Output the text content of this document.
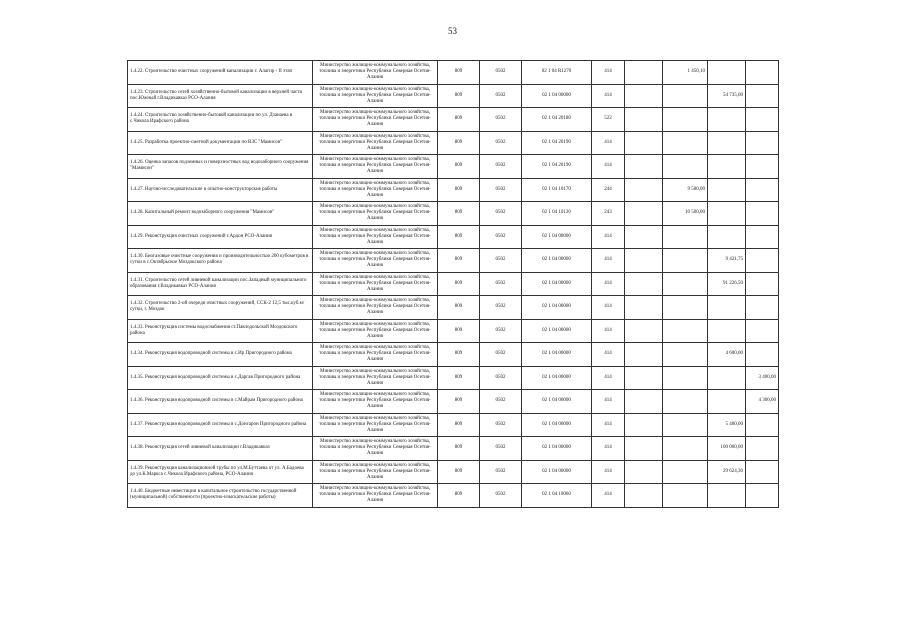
53
1.4.22. Строительство очистных сооружений канализации г. Алагир - II этап	Министерство жилищно-коммунального хозяйства, топлива и энергетики Республики Северная Осетия-Алания	809	0502	02 1 04 R1270	414		1 450,10		
1.4.23. Строительство сетей хозяйственно-бытовой канализации в верхней части пос.Южный г.Владикавказ РСО-Алания	Министерство жилищно-коммунального хозяйства, топлива и энергетики Республики Северная Осетия-Алания	809	0502	02 1 04 00000	414			54 735,00	
1.4.24. Строительство хозяйственно-бытовой канализации по ул. Дзанаева в с.Чикола Ирафского района	Министерство жилищно-коммунального хозяйства, топлива и энергетики Республики Северная Осетия-Алания	809	0502	02 1 04 20180	522				
1.4.25. Разработка проектно-сметной документации по ВЗС "Мамисон"	Министерство жилищно-коммунального хозяйства, топлива и энергетики Республики Северная Осетия-Алания	809	0502	02 1 04 20190	414				
1.4.26. Оценка запасов подземных и поверхностных вод водозаборного сооружения "Мамисон"	Министерство жилищно-коммунального хозяйства, топлива и энергетики Республики Северная Осетия-Алания	809	0502	02 1 04 20190	414				
1.4.27. Научно-исследовательские и опытно-конструкторские работы	Министерство жилищно-коммунального хозяйства, топлива и энергетики Республики Северная Осетия-Алания	809	0502	02 1 04 10170	244		9 500,00		
1.4.28. Капитальный ремонт водозаборного сооружения "Мамисон"	Министерство жилищно-коммунального хозяйства, топлива и энергетики Республики Северная Осетия-Алания	809	0502	02 1 04 10120	243		10 500,00		
1.4.29. Реконструкция очистных сооружений г.Ардон РСО-Алания	Министерство жилищно-коммунального хозяйства, топлива и энергетики Республики Северная Осетия-Алания	809	0502	02 1 04 00000	414				
1.4.30. Биогазовые очистные сооружения и производительностью 200 кубометров в сутки в с.Октябрьское Моздокского района	Министерство жилищно-коммунального хозяйства, топлива и энергетики Республики Северная Осетия-Алания	809	0502	02 1 04 00000	414			9 421,75	
1.4.31. Строительство сетей ливневой канализации пос.Западный муниципального образования г.Владикавказ РСО-Алания	Министерство жилищно-коммунального хозяйства, топлива и энергетики Республики Северная Осетия-Алания	809	0502	02 1 04 00000	414			91 226,50	
1.4.32. Строительство 2-ой очереди очистных сооружений, ССК-2 12,5 тыс.куб.м/сутки, г. Моздок	Министерство жилищно-коммунального хозяйства, топлива и энергетики Республики Северная Осетия-Алания	809	0502	02 1 04 00000	414				
1.4.33. Реконструкция системы водоснабжения ст.Павлодольской Моздокского района	Министерство жилищно-коммунального хозяйства, топлива и энергетики Республики Северная Осетия-Алания	809	0502	02 1 04 00000	414				
1.4.34. Реконструкция водопроводной системы в с.Ир Пригородного района	Министерство жилищно-коммунального хозяйства, топлива и энергетики Республики Северная Осетия-Алания	809	0502	02 1 04 00000	414			4 600,00	
1.4.35. Реконструкция водопроводной системы в с.Даргав Пригородного района	Министерство жилищно-коммунального хозяйства, топлива и энергетики Республики Северная Осетия-Алания	809	0502	02 1 04 00000	414				3 400,00
1.4.36. Реконструкция водопроводной системы в с.Майрам Пригородного района	Министерство жилищно-коммунального хозяйства, топлива и энергетики Республики Северная Осетия-Алания	809	0502	02 1 04 00000	414				4 300,00
1.4.37. Реконструкция водопроводной системы в с.Донгарон Пригородного района	Министерство жилищно-коммунального хозяйства, топлива и энергетики Республики Северная Осетия-Алания	809	0502	02 1 04 00000	414			5 400,00	
1.4.38. Реконструкция сетей ливневой канализации г.Владикавказ	Министерство жилищно-коммунального хозяйства, топлива и энергетики Республики Северная Осетия-Алания	809	0502	02 1 04 00000	414			100 000,00	
1.4.39. Реконструкция канализационной трубы по ул.М.Буттаева от ул. А.Бадоева до ул.К.Маркса с.Чикола Ирафского района, РСО-Алания	Министерство жилищно-коммунального хозяйства, топлива и энергетики Республики Северная Осетия-Алания	809	0502	02 1 04 00000	414			29 624,30	
1.4.40. Бюджетные инвестиции в капитальное строительство государственной (муниципальной) собственности (проектно-изыскательские работы)	Министерство жилищно-коммунального хозяйства, топлива и энергетики Республики Северная Осетия-Алания	809	0502	02 1 04 10060	414				
